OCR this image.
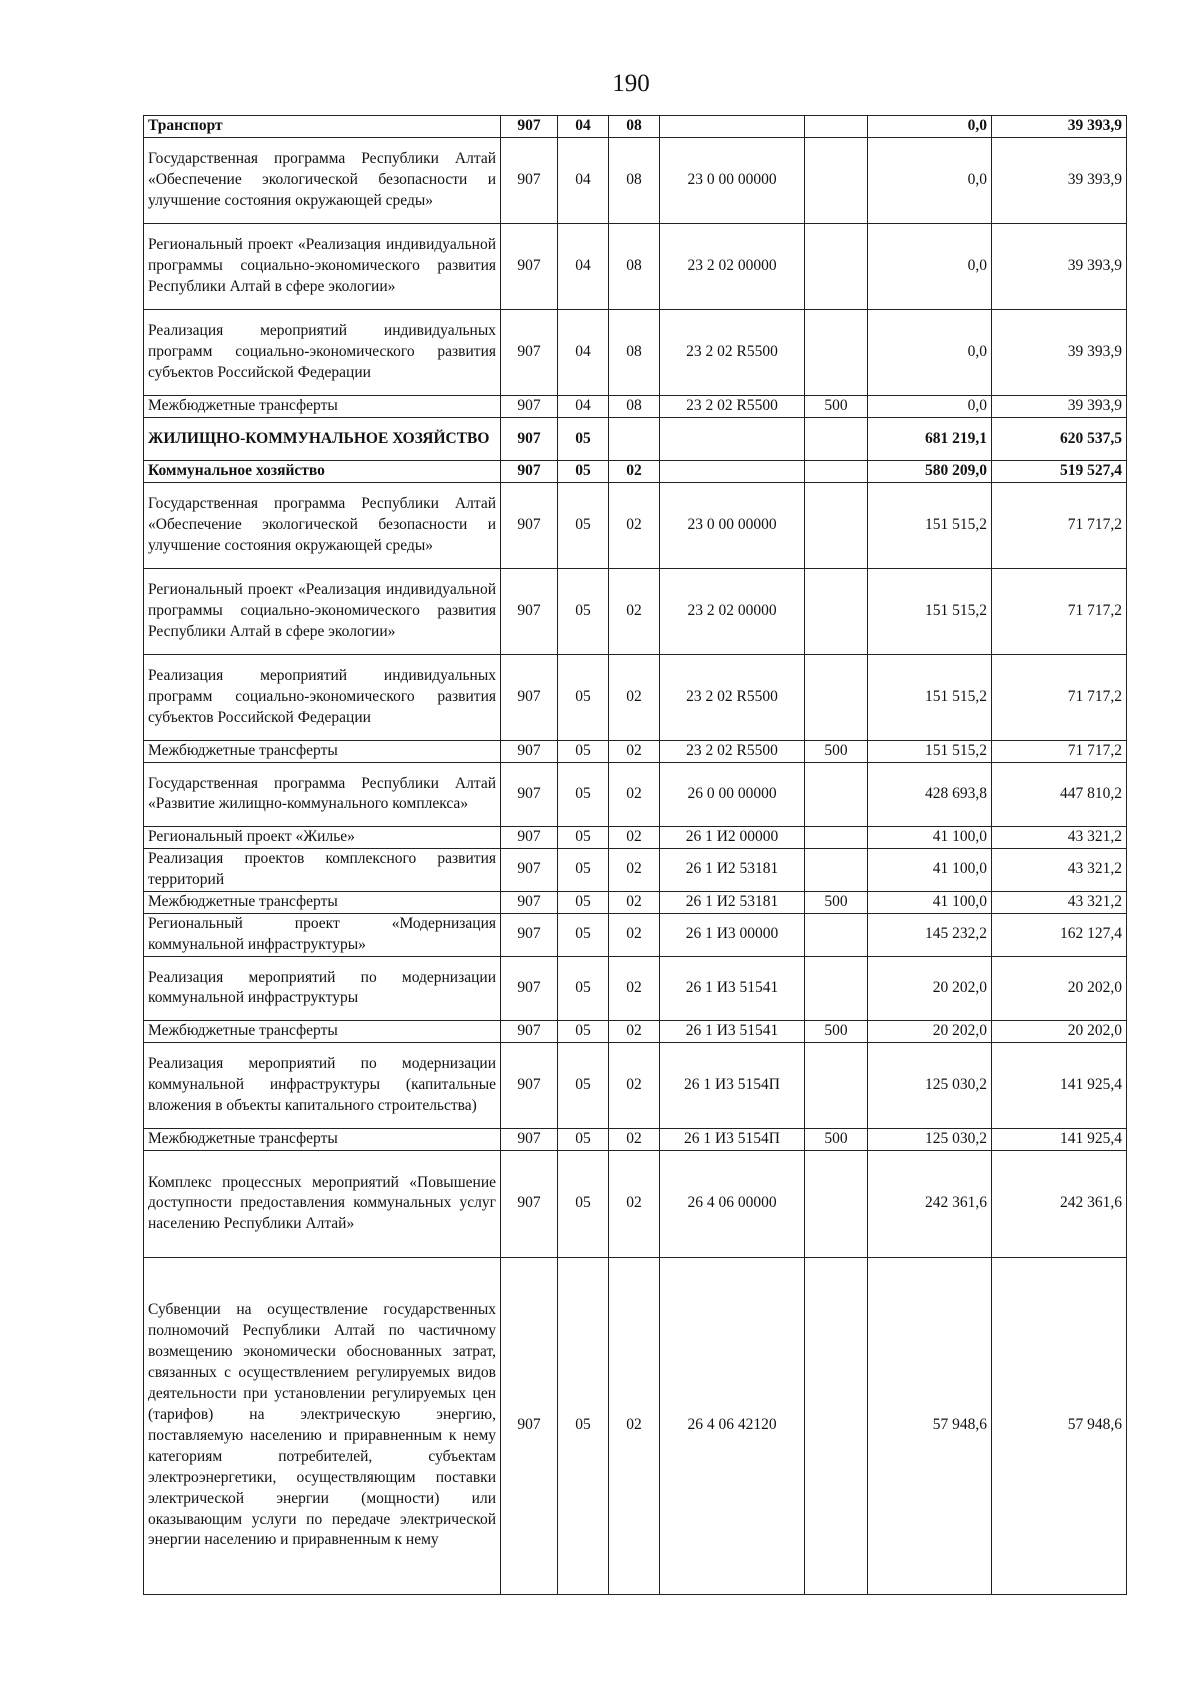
190
Транспорт	907	04	08			0,0	39 393,9
Государственная программа Республики Алтай «Обеспечение экологической безопасности и улучшение состояния окружающей среды»	907	04	08	23 0 00 00000		0,0	39 393,9
Региональный проект «Реализация индивидуальной программы социально-экономического развития Республики Алтай в сфере экологии»	907	04	08	23 2 02 00000		0,0	39 393,9
Реализация мероприятий индивидуальных программ социально-экономического развития субъектов Российской Федерации	907	04	08	23 2 02 R5500		0,0	39 393,9
Межбюджетные трансферты	907	04	08	23 2 02 R5500	500	0,0	39 393,9
ЖИЛИЩНО-КОММУНАЛЬНОЕ ХОЗЯЙСТВО	907	05				681 219,1	620 537,5
Коммунальное хозяйство	907	05	02			580 209,0	519 527,4
Государственная программа Республики Алтай «Обеспечение экологической безопасности и улучшение состояния окружающей среды»	907	05	02	23 0 00 00000		151 515,2	71 717,2
Региональный проект «Реализация индивидуальной программы социально-экономического развития Республики Алтай в сфере экологии»	907	05	02	23 2 02 00000		151 515,2	71 717,2
Реализация мероприятий индивидуальных программ социально-экономического развития субъектов Российской Федерации	907	05	02	23 2 02 R5500		151 515,2	71 717,2
Межбюджетные трансферты	907	05	02	23 2 02 R5500	500	151 515,2	71 717,2
Государственная программа Республики Алтай «Развитие жилищно-коммунального комплекса»	907	05	02	26 0 00 00000		428 693,8	447 810,2
Региональный проект «Жилье»	907	05	02	26 1 И2 00000		41 100,0	43 321,2
Реализация проектов комплексного развития территорий	907	05	02	26 1 И2 53181		41 100,0	43 321,2
Межбюджетные трансферты	907	05	02	26 1 И2 53181	500	41 100,0	43 321,2
Региональный проект «Модернизация коммунальной инфраструктуры»	907	05	02	26 1 И3 00000		145 232,2	162 127,4
Реализация мероприятий по модернизации коммунальной инфраструктуры	907	05	02	26 1 И3 51541		20 202,0	20 202,0
Межбюджетные трансферты	907	05	02	26 1 И3 51541	500	20 202,0	20 202,0
Реализация мероприятий по модернизации коммунальной инфраструктуры (капитальные вложения в объекты капитального строительства)	907	05	02	26 1 И3 5154П		125 030,2	141 925,4
Межбюджетные трансферты	907	05	02	26 1 И3 5154П	500	125 030,2	141 925,4
Комплекс процессных мероприятий «Повышение доступности предоставления коммунальных услуг населению Республики Алтай»	907	05	02	26 4 06 00000		242 361,6	242 361,6
Субвенции на осуществление государственных полномочий Республики Алтай по частичному возмещению экономически обоснованных затрат, связанных с осуществлением регулируемых видов деятельности при установлении регулируемых цен (тарифов) на электрическую энергию, поставляемую населению и приравненным к нему категориям потребителей, субъектам электроэнергетики, осуществляющим поставки электрической энергии (мощности) или оказывающим услуги по передаче электрической энергии населению и приравненным к нему	907	05	02	26 4 06 42120		57 948,6	57 948,6
